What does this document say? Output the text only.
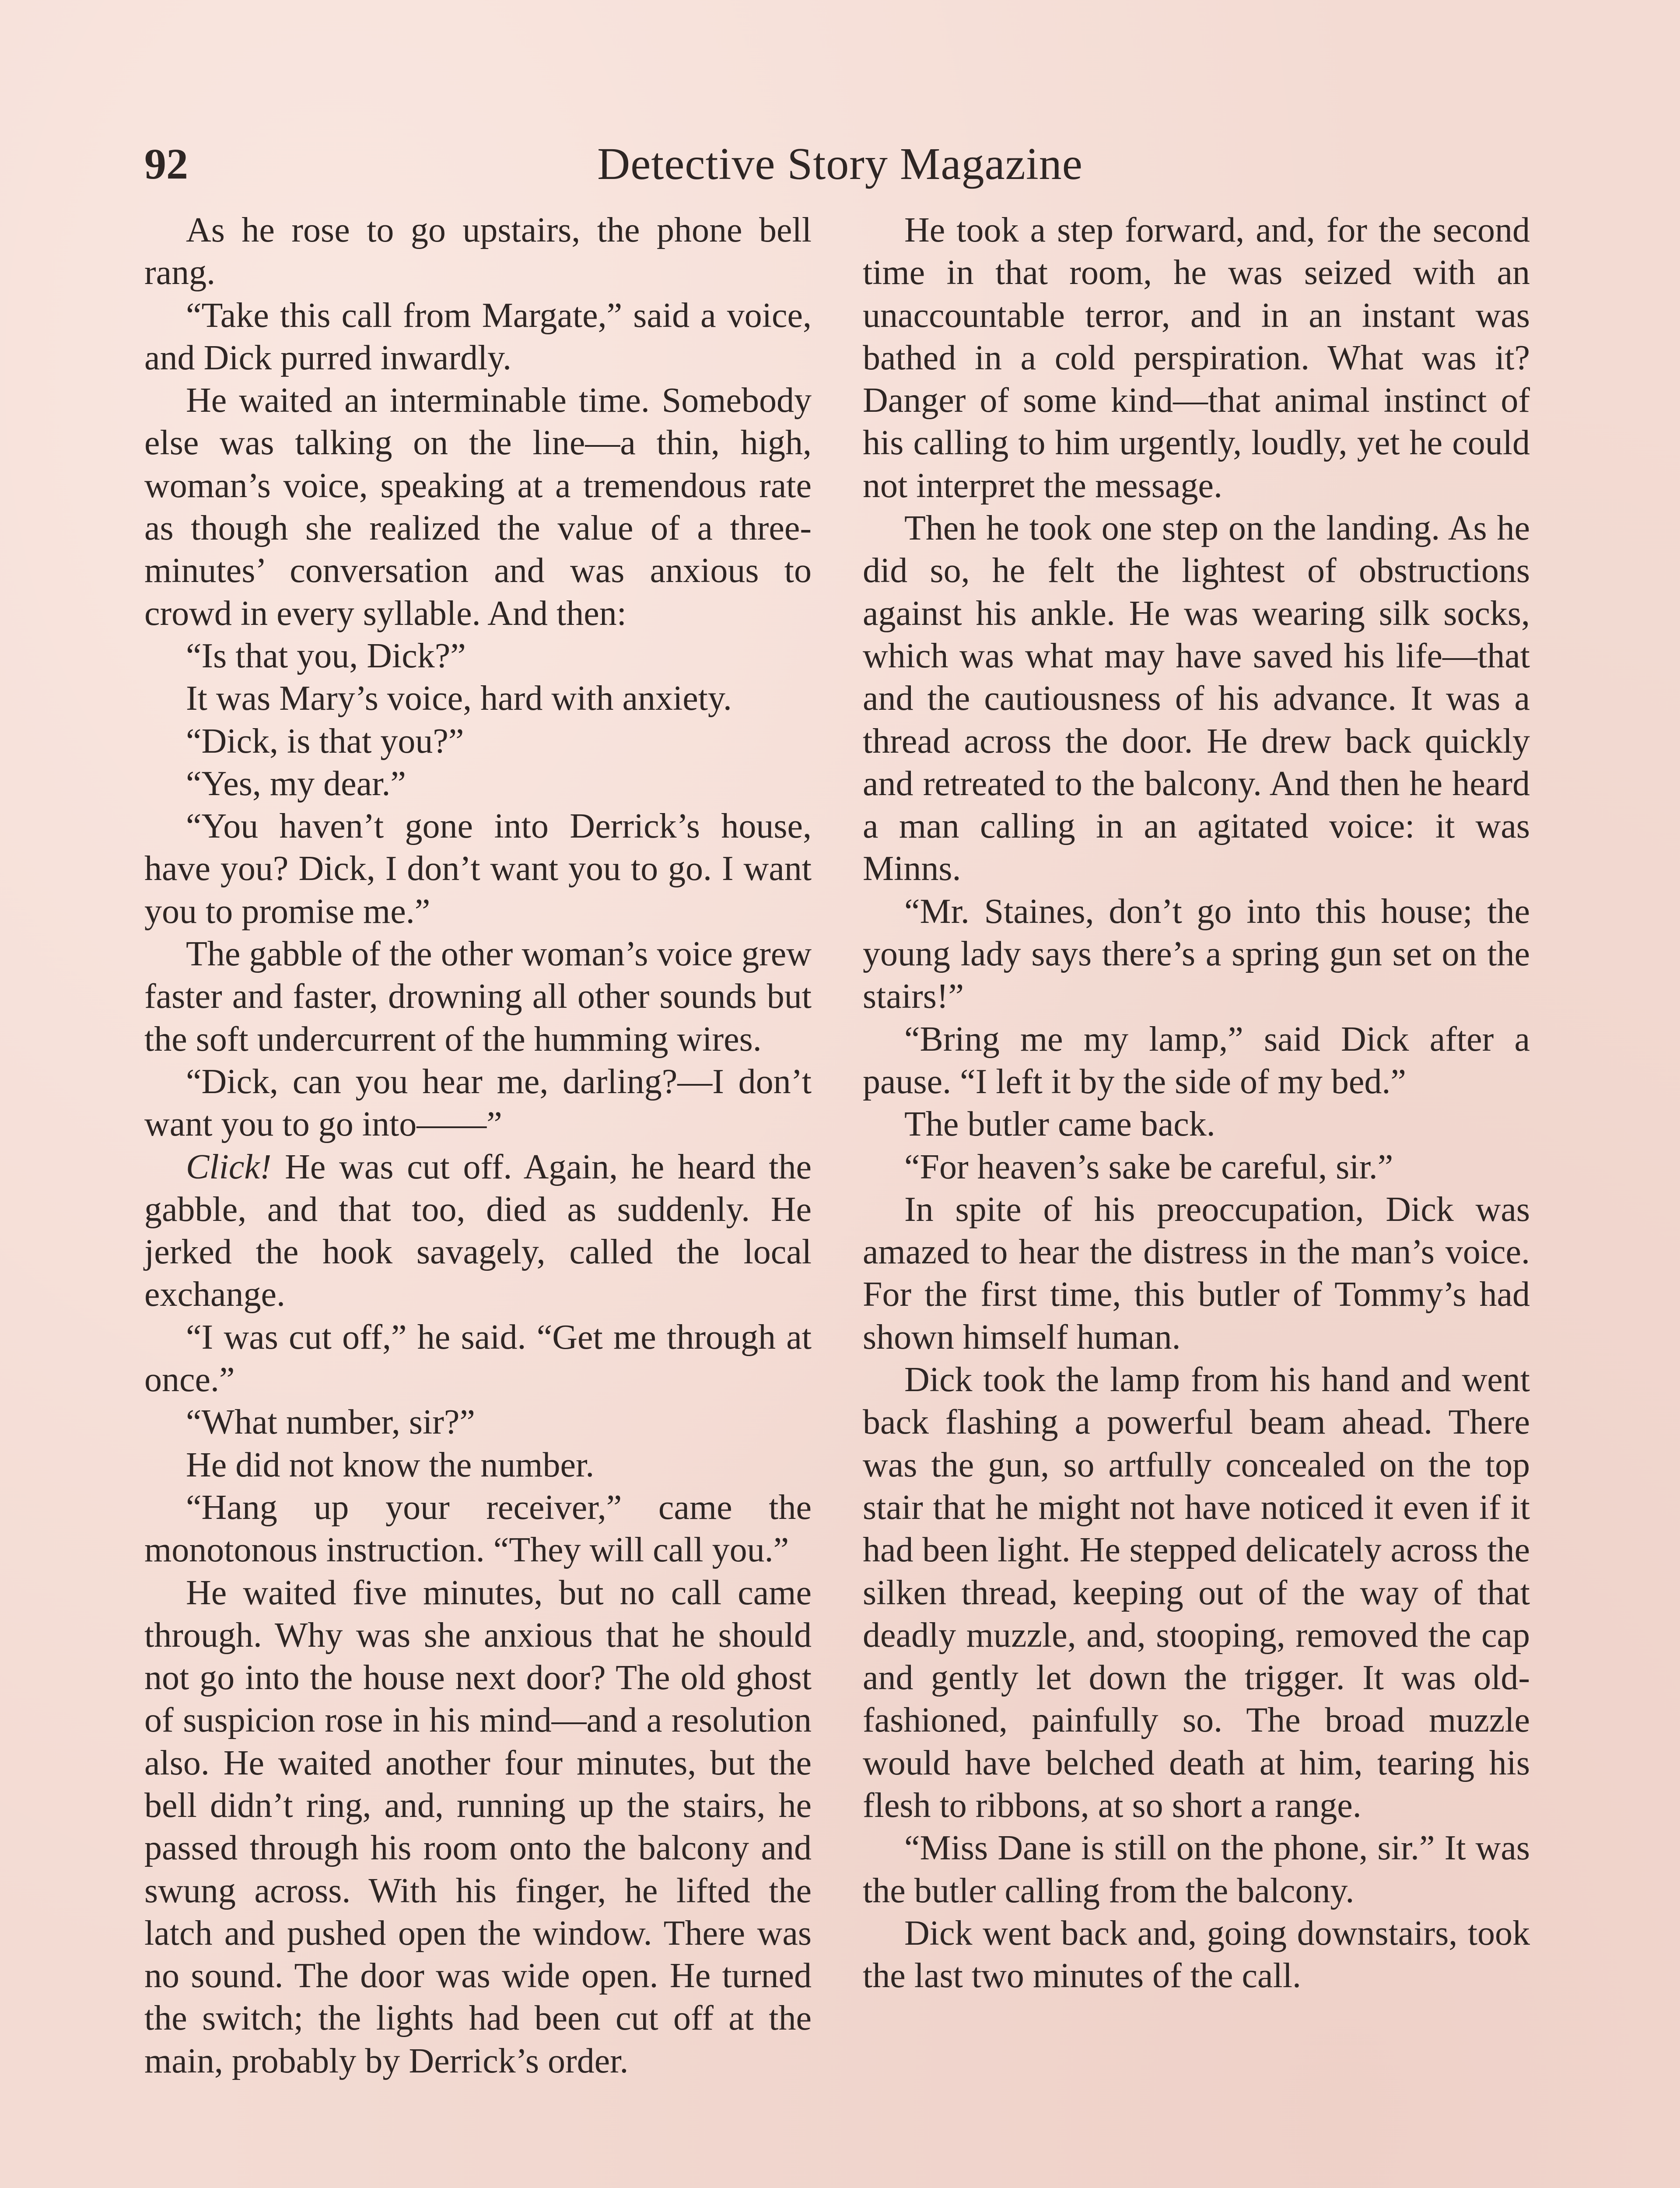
92	Detective Story Magazine

As he rose to go upstairs, the phone bell rang.

“Take this call from Margate,” said a voice, and Dick purred inwardly.

He waited an interminable time. Somebody else was talking on the line—a thin, high, woman’s voice, speaking at a tremendous rate as though she realized the value of a three-minutes’ conversation and was anxious to crowd in every syllable. And then:

“Is that you, Dick?”

It was Mary’s voice, hard with anxiety.

“Dick, is that you?”

“Yes, my dear.”

“You haven’t gone into Derrick’s house, have you? Dick, I don’t want you to go. I want you to promise me.”

The gabble of the other woman’s voice grew faster and faster, drowning all other sounds but the soft undercurrent of the humming wires.

“Dick, can you hear me, darling?—I don’t want you to go into——”

Click! He was cut off. Again, he heard the gabble, and that too, died as suddenly. He jerked the hook savagely, called the local exchange.

“I was cut off,” he said. “Get me through at once.”

“What number, sir?”

He did not know the number.

“Hang up your receiver,” came the monotonous instruction. “They will call you.”

He waited five minutes, but no call came through. Why was she anxious that he should not go into the house next door? The old ghost of suspicion rose in his mind—and a resolution also. He waited another four minutes, but the bell didn’t ring, and, running up the stairs, he passed through his room onto the balcony and swung across. With his finger, he lifted the latch and pushed open the window. There was no sound. The door was wide open. He turned the switch; the lights had been cut off at the main, probably by Derrick’s order.

He took a step forward, and, for the second time in that room, he was seized with an unaccountable terror, and in an instant was bathed in a cold perspiration. What was it? Danger of some kind—that animal instinct of his calling to him urgently, loudly, yet he could not interpret the message.

Then he took one step on the landing. As he did so, he felt the lightest of obstructions against his ankle. He was wearing silk socks, which was what may have saved his life—that and the cautiousness of his advance. It was a thread across the door. He drew back quickly and retreated to the balcony. And then he heard a man calling in an agitated voice: it was Minns.

“Mr. Staines, don’t go into this house; the young lady says there’s a spring gun set on the stairs!”

“Bring me my lamp,” said Dick after a pause. “I left it by the side of my bed.”

The butler came back.

“For heaven’s sake be careful, sir.”

In spite of his preoccupation, Dick was amazed to hear the distress in the man’s voice. For the first time, this butler of Tommy’s had shown himself human.

Dick took the lamp from his hand and went back flashing a powerful beam ahead. There was the gun, so artfully concealed on the top stair that he might not have noticed it even if it had been light. He stepped delicately across the silken thread, keeping out of the way of that deadly muzzle, and, stooping, removed the cap and gently let down the trigger. It was old-fashioned, painfully so. The broad muzzle would have belched death at him, tearing his flesh to ribbons, at so short a range.

“Miss Dane is still on the phone, sir.” It was the butler calling from the balcony.

Dick went back and, going downstairs, took the last two minutes of the call.
